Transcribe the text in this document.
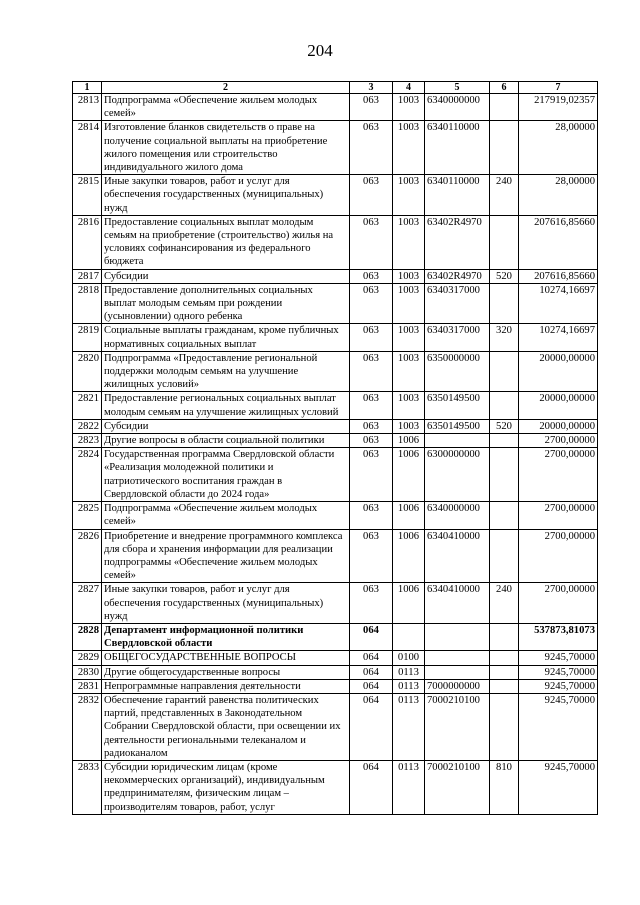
204
1	2	3	4	5	6	7
2813	Подпрограмма «Обеспечение жильем молодых семей»	063	1003	6340000000		217919,02357
2814	Изготовление бланков свидетельств о праве на получение социальной выплаты на приобретение жилого помещения или строительство индивидуального жилого дома	063	1003	6340110000		28,00000
2815	Иные закупки товаров, работ и услуг для обеспечения государственных (муниципальных) нужд	063	1003	6340110000	240	28,00000
2816	Предоставление социальных выплат молодым семьям на приобретение (строительство) жилья на условиях софинансирования из федерального бюджета	063	1003	63402R4970		207616,85660
2817	Субсидии	063	1003	63402R4970	520	207616,85660
2818	Предоставление дополнительных социальных выплат молодым семьям при рождении (усыновлении) одного ребенка	063	1003	6340317000		10274,16697
2819	Социальные выплаты гражданам, кроме публичных нормативных социальных выплат	063	1003	6340317000	320	10274,16697
2820	Подпрограмма «Предоставление региональной поддержки молодым семьям на улучшение жилищных условий»	063	1003	6350000000		20000,00000
2821	Предоставление региональных социальных выплат молодым семьям на улучшение жилищных условий	063	1003	6350149500		20000,00000
2822	Субсидии	063	1003	6350149500	520	20000,00000
2823	Другие вопросы в области социальной политики	063	1006			2700,00000
2824	Государственная программа Свердловской области «Реализация молодежной политики и патриотического воспитания граждан в Свердловской области до 2024 года»	063	1006	6300000000		2700,00000
2825	Подпрограмма «Обеспечение жильем молодых семей»	063	1006	6340000000		2700,00000
2826	Приобретение и внедрение программного комплекса для сбора и хранения информации для реализации подпрограммы «Обеспечение жильем молодых семей»	063	1006	6340410000		2700,00000
2827	Иные закупки товаров, работ и услуг для обеспечения государственных (муниципальных) нужд	063	1006	6340410000	240	2700,00000
2828	Департамент информационной политики Свердловской области	064				537873,81073
2829	ОБЩЕГОСУДАРСТВЕННЫЕ ВОПРОСЫ	064	0100			9245,70000
2830	Другие общегосударственные вопросы	064	0113			9245,70000
2831	Непрограммные направления деятельности	064	0113	7000000000		9245,70000
2832	Обеспечение гарантий равенства политических партий, представленных в Законодательном Собрании Свердловской области, при освещении их деятельности региональными телеканалом и радиоканалом	064	0113	7000210100		9245,70000
2833	Субсидии юридическим лицам (кроме некоммерческих организаций), индивидуальным предпринимателям, физическим лицам – производителям товаров, работ, услуг	064	0113	7000210100	810	9245,70000
